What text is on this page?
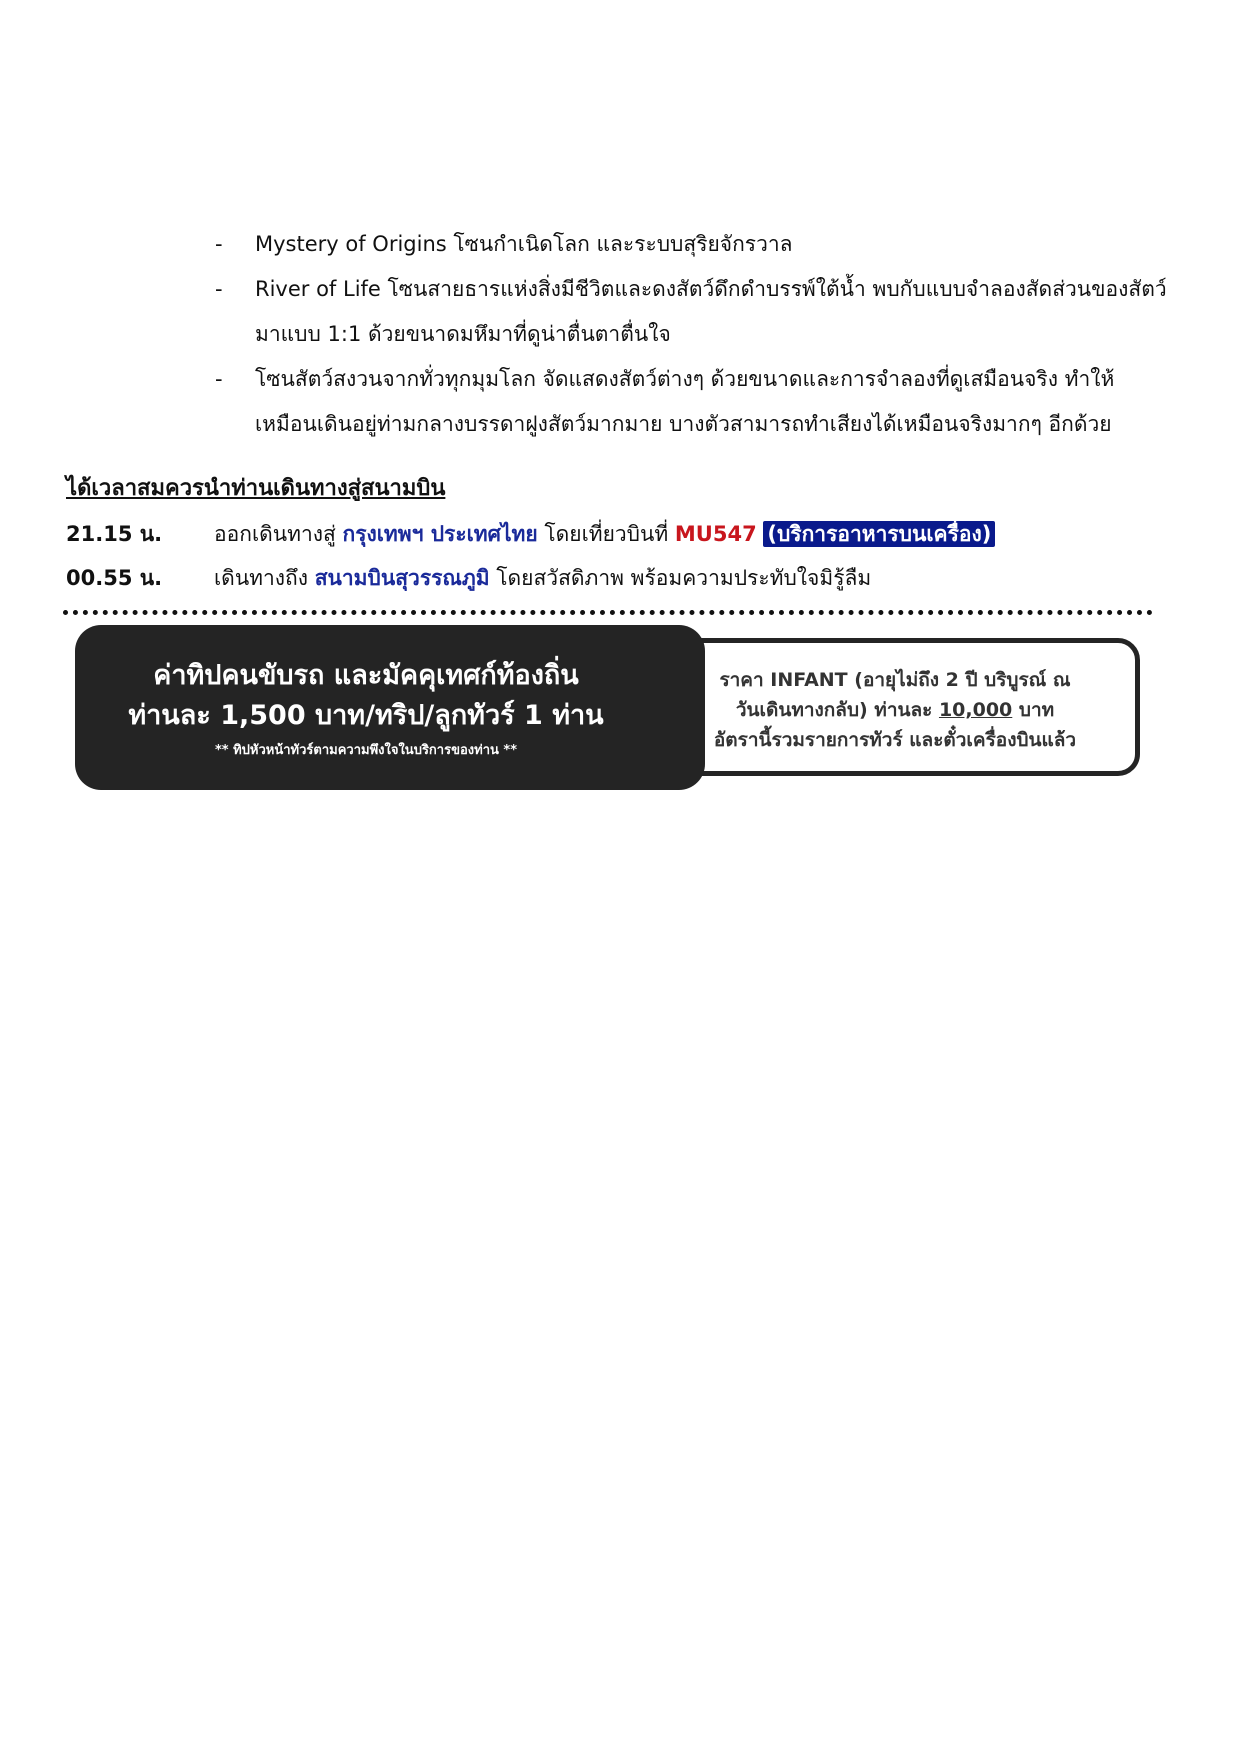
- Mystery of Origins โซนกำเนิดโลก และระบบสุริยจักรวาล
- River of Life โซนสายธารแห่งสิ่งมีชีวิตและดงสัตว์ดึกดำบรรพ์ใต้น้ำ พบกับแบบจำลองสัดส่วนของสัตว์มาแบบ 1:1 ด้วยขนาดมหึมาที่ดูน่าตื่นตาตื่นใจ
- โซนสัตว์สงวนจากทั่วทุกมุมโลก จัดแสดงสัตว์ต่างๆ ด้วยขนาดและการจำลองที่ดูเสมือนจริง ทำให้เหมือนเดินอยู่ท่ามกลางบรรดาฝูงสัตว์มากมาย บางตัวสามารถทำเสียงได้เหมือนจริงมากๆ อีกด้วย
ได้เวลาสมควรนำท่านเดินทางสู่สนามบิน
21.15 น. ออกเดินทางสู่ กรุงเทพฯ ประเทศไทย โดยเที่ยวบินที่ MU547 (บริการอาหารบนเครื่อง)
00.55 น. เดินทางถึง สนามบินสุวรรณภูมิ โดยสวัสดิภาพ พร้อมความประทับใจมิรู้ลืม
ราคา INFANT (อายุไม่ถึง 2 ปี บริบูรณ์ ณ
วันเดินทางกลับ) ท่านละ 10,000 บาท
อัตรานี้รวมรายการทัวร์ และตั๋วเครื่องบินแล้ว
ค่าทิปคนขับรถ และมัคคุเทศก์ท้องถิ่น
ท่านละ 1,500 บาท/ทริป/ลูกทัวร์ 1 ท่าน
** ทิปหัวหน้าทัวร์ตามความพึงใจในบริการของท่าน **
